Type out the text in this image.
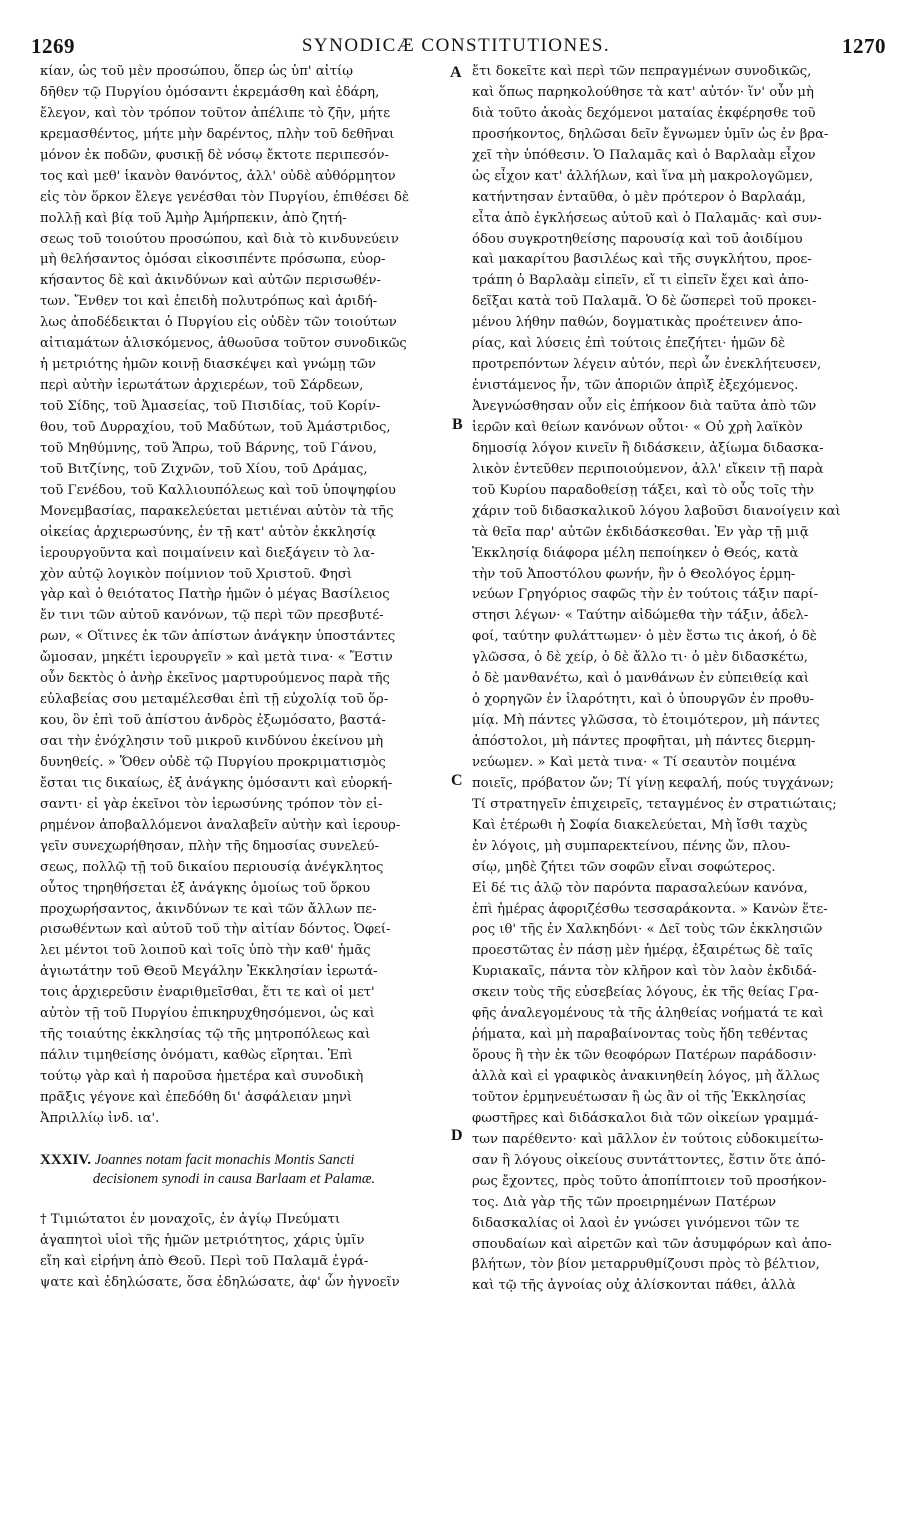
1269	SYNODICÆ CONSTITUTIONES.	1270
A
B
C
D
κίαν, ὡς τοῦ μὲν προσώπου, ὅπερ ὡς ὑπ' αἰτίῳ
δῆθεν τῷ Πυργίου ὀμόσαντι ἐκρεμάσθη καὶ ἐδάρη,
ἔλεγον, καὶ τὸν τρόπον τοῦτον ἀπέλιπε τὸ ζῆν, μήτε
κρεμασθέντος, μήτε μὴν δαρέντος, πλὴν τοῦ δεθῆναι
μόνον ἐκ ποδῶν, φυσικῇ δὲ νόσῳ ἔκτοτε περιπεσόν-
τος καὶ μεθ' ἱκανὸν θανόντος, ἀλλ' οὐδὲ αὐθόρμητον
εἰς τὸν ὅρκον ἔλεγε γενέσθαι τὸν Πυργίου, ἐπιθέσει δὲ
πολλῇ καὶ βίᾳ τοῦ Ἀμὴρ Ἀμήρπεκιν, ἀπὸ ζητή-
σεως τοῦ τοιούτου προσώπου, καὶ διὰ τὸ κινδυνεύειν
μὴ θελήσαντος ὀμόσαι εἰκοσιπέντε πρόσωπα, εὐορ-
κήσαντος δὲ καὶ ἀκινδύνων καὶ αὐτῶν περισωθέν-
των. Ἔνθεν τοι καὶ ἐπειδὴ πολυτρόπως καὶ ἀριδή-
λως ἀποδέδεικται ὁ Πυργίου εἰς οὐδὲν τῶν τοιούτων
αἰτιαμάτων ἁλισκόμενος, ἀθωοῦσα τοῦτον συνοδικῶς
ἡ μετριότης ἡμῶν κοινῇ διασκέψει καὶ γνώμῃ τῶν
περὶ αὐτὴν ἱερωτάτων ἀρχιερέων, τοῦ Σάρδεων,
τοῦ Σίδης, τοῦ Ἀμασείας, τοῦ Πισιδίας, τοῦ Κορίν-
θου, τοῦ Δυρραχίου, τοῦ Μαδύτων, τοῦ Ἀμάστριδος,
τοῦ Μηθύμνης, τοῦ Ἄπρω, τοῦ Βάρνης, τοῦ Γάνου,
τοῦ Βιτζίνης, τοῦ Ζιχνῶν, τοῦ Χίου, τοῦ Δράμας,
τοῦ Γενέδου, τοῦ Καλλιουπόλεως καὶ τοῦ ὑποψηφίου
Μονεμβασίας, παρακελεύεται μετιέναι αὐτὸν τὰ τῆς
οἰκείας ἀρχιερωσύνης, ἐν τῇ κατ' αὐτὸν ἐκκλησίᾳ
ἱερουργοῦντα καὶ ποιμαίνειν καὶ διεξάγειν τὸ λα-
χὸν αὐτῷ λογικὸν ποίμνιον τοῦ Χριστοῦ. Φησὶ
γὰρ καὶ ὁ θειότατος Πατὴρ ἡμῶν ὁ μέγας Βασίλειος
ἔν τινι τῶν αὐτοῦ κανόνων, τῷ περὶ τῶν πρεσβυτέ-
ρων, « Οἵτινες ἐκ τῶν ἀπίστων ἀνάγκην ὑποστάντες
ὤμοσαν, μηκέτι ἱερουργεῖν » καὶ μετὰ τινα· « Ἔστιν
οὖν δεκτὸς ὁ ἀνὴρ ἐκεῖνος μαρτυρούμενος παρὰ τῆς
εὐλαβείας σου μεταμέλεσθαι ἐπὶ τῇ εὐχολίᾳ τοῦ ὅρ-
κου, ὃν ἐπὶ τοῦ ἀπίστου ἀνδρὸς ἐξωμόσατο, βαστά-
σαι τὴν ἐνόχλησιν τοῦ μικροῦ κινδύνου ἐκείνου μὴ
δυνηθείς. » Ὅθεν οὐδὲ τῷ Πυργίου προκριματισμὸς
ἔσται τις δικαίως, ἐξ ἀνάγκης ὀμόσαντι καὶ εὐορκή-
σαντι· εἰ γὰρ ἐκεῖνοι τὸν ἱερωσύνης τρόπον τὸν εἰ-
ρημένον ἀποβαλλόμενοι ἀναλαβεῖν αὐτὴν καὶ ἱερουρ-
γεῖν συνεχωρήθησαν, πλὴν τῆς δημοσίας συνελεύ-
σεως, πολλῷ τῇ τοῦ δικαίου περιουσίᾳ ἀνέγκλητος
οὗτος τηρηθήσεται ἐξ ἀνάγκης ὁμοίως τοῦ ὅρκου
προχωρήσαντος, ἀκινδύνων τε καὶ τῶν ἄλλων πε-
ρισωθέντων καὶ αὐτοῦ τοῦ τὴν αἰτίαν δόντος. Ὀφεί-
λει μέντοι τοῦ λοιποῦ καὶ τοῖς ὑπὸ τὴν καθ' ἡμᾶς
ἁγιωτάτην τοῦ Θεοῦ Μεγάλην Ἐκκλησίαν ἱερωτά-
τοις ἀρχιερεῦσιν ἐναριθμεῖσθαι, ἔτι τε καὶ οἱ μετ'
αὐτὸν τῇ τοῦ Πυργίου ἐπικηρυχθησόμενοι, ὡς καὶ
τῆς τοιαύτης ἐκκλησίας τῷ τῆς μητροπόλεως καὶ
πάλιν τιμηθείσης ὀνόματι, καθὼς εἴρηται. Ἐπὶ
τούτῳ γὰρ καὶ ἡ παροῦσα ἡμετέρα καὶ συνοδικὴ
πρᾶξις γέγονε καὶ ἐπεδόθη δι' ἀσφάλειαν μηνὶ
Ἀπριλλίῳ ἰνδ. ια'.
XXXIV. Joannes notam facit monachis Montis Sancti
decisionem synodi in causa Barlaam et Palamæ.
† Τιμιώτατοι ἐν μοναχοῖς, ἐν ἁγίῳ Πνεύματι
ἀγαπητοὶ υἱοὶ τῆς ἡμῶν μετριότητος, χάρις ὑμῖν
εἴη καὶ εἰρήνη ἀπὸ Θεοῦ. Περὶ τοῦ Παλαμᾶ ἐγρά-
ψατε καὶ ἐδηλώσατε, ὅσα ἐδηλώσατε, ἀφ' ὧν ἠγνοεῖν
ἔτι δοκεῖτε καὶ περὶ τῶν πεπραγμένων συνοδικῶς,
καὶ ὅπως παρηκολούθησε τὰ κατ' αὐτόν· ἵν' οὖν μὴ
διὰ τοῦτο ἀκοὰς δεχόμενοι ματαίας ἐκφέρησθε τοῦ
προσήκοντος, δηλῶσαι δεῖν ἔγνωμεν ὑμῖν ὡς ἐν βρα-
χεῖ τὴν ὑπόθεσιν. Ὁ Παλαμᾶς καὶ ὁ Βαρλαὰμ εἶχον
ὡς εἶχον κατ' ἀλλήλων, καὶ ἵνα μὴ μακρολογῶμεν,
κατήντησαν ἐνταῦθα, ὁ μὲν πρότερον ὁ Βαρλαάμ,
εἶτα ἀπὸ ἐγκλήσεως αὐτοῦ καὶ ὁ Παλαμᾶς· καὶ συν-
όδου συγκροτηθείσης παρουσίᾳ καὶ τοῦ ἀοιδίμου
καὶ μακαρίτου βασιλέως καὶ τῆς συγκλήτου, προε-
τράπη ὁ Βαρλαὰμ εἰπεῖν, εἴ τι εἰπεῖν ἔχει καὶ ἀπο-
δεῖξαι κατὰ τοῦ Παλαμᾶ. Ὁ δὲ ὥσπερεὶ τοῦ προκει-
μένου λήθην παθών, δογματικὰς προέτεινεν ἀπο-
ρίας, καὶ λύσεις ἐπὶ τούτοις ἐπεζήτει· ἡμῶν δὲ
προτρεπόντων λέγειν αὐτόν, περὶ ὧν ἐνεκλήτευσεν,
ἐνιστάμενος ἦν, τῶν ἀποριῶν ἀπρὶξ ἐξεχόμενος.
Ἀνεγνώσθησαν οὖν εἰς ἐπήκοον διὰ ταῦτα ἀπὸ τῶν
ἱερῶν καὶ θείων κανόνων οὗτοι· « Οὐ χρὴ λαϊκὸν
δημοσίᾳ λόγον κινεῖν ἢ διδάσκειν, ἀξίωμα διδασκα-
λικὸν ἐντεῦθεν περιποιούμενον, ἀλλ' εἴκειν τῇ παρὰ
τοῦ Κυρίου παραδοθείσῃ τάξει, καὶ τὸ οὖς τοῖς τὴν
χάριν τοῦ διδασκαλικοῦ λόγου λαβοῦσι διανοίγειν καὶ
τὰ θεῖα παρ' αὐτῶν ἐκδιδάσκεσθαι. Ἐν γὰρ τῇ μιᾷ
Ἐκκλησίᾳ διάφορα μέλη πεποίηκεν ὁ Θεός, κατὰ
τὴν τοῦ Ἀποστόλου φωνήν, ἣν ὁ Θεολόγος ἑρμη-
νεύων Γρηγόριος σαφῶς τὴν ἐν τούτοις τάξιν παρί-
στησι λέγων· « Ταύτην αἰδώμεθα τὴν τάξιν, ἀδελ-
φοί, ταύτην φυλάττωμεν· ὁ μὲν ἔστω τις ἀκοή, ὁ δὲ
γλῶσσα, ὁ δὲ χείρ, ὁ δὲ ἄλλο τι· ὁ μὲν διδασκέτω,
ὁ δὲ μανθανέτω, καὶ ὁ μανθάνων ἐν εὐπειθείᾳ καὶ
ὁ χορηγῶν ἐν ἱλαρότητι, καὶ ὁ ὑπουργῶν ἐν προθυ-
μίᾳ. Μὴ πάντες γλῶσσα, τὸ ἑτοιμότερον, μὴ πάντες
ἀπόστολοι, μὴ πάντες προφῆται, μὴ πάντες διερμη-
νεύωμεν. » Καὶ μετὰ τινα· « Τί σεαυτὸν ποιμένα
ποιεῖς, πρόβατον ὤν; Τί γίνῃ κεφαλή, πούς τυγχάνων;
Τί στρατηγεῖν ἐπιχειρεῖς, τεταγμένος ἐν στρατιώταις;
Καὶ ἑτέρωθι ἡ Σοφία διακελεύεται, Μὴ ἴσθι ταχὺς
ἐν λόγοις, μὴ συμπαρεκτείνου, πένης ὤν, πλου-
σίῳ, μηδὲ ζήτει τῶν σοφῶν εἶναι σοφώτερος.
Εἰ δέ τις ἁλῷ τὸν παρόντα παρασαλεύων κανόνα,
ἐπὶ ἡμέρας ἀφοριζέσθω τεσσαράκοντα. » Κανὼν ἕτε-
ρος ιθ' τῆς ἐν Χαλκηδόνι· « Δεῖ τοὺς τῶν ἐκκλησιῶν
προεστῶτας ἐν πάσῃ μὲν ἡμέρᾳ, ἐξαιρέτως δὲ ταῖς
Κυριακαῖς, πάντα τὸν κλῆρον καὶ τὸν λαὸν ἐκδιδά-
σκειν τοὺς τῆς εὐσεβείας λόγους, ἐκ τῆς θείας Γρα-
φῆς ἀναλεγομένους τὰ τῆς ἀληθείας νοήματά τε καὶ
ῥήματα, καὶ μὴ παραβαίνοντας τοὺς ἤδη τεθέντας
ὅρους ἢ τὴν ἐκ τῶν θεοφόρων Πατέρων παράδοσιν·
ἀλλὰ καὶ εἰ γραφικὸς ἀνακινηθείη λόγος, μὴ ἄλλως
τοῦτον ἑρμηνευέτωσαν ἢ ὡς ἂν οἱ τῆς Ἐκκλησίας
φωστῆρες καὶ διδάσκαλοι διὰ τῶν οἰκείων γραμμά-
των παρέθεντο· καὶ μᾶλλον ἐν τούτοις εὐδοκιμείτω-
σαν ἢ λόγους οἰκείους συντάττοντες, ἔστιν ὅτε ἀπό-
ρως ἔχοντες, πρὸς τοῦτο ἀποπίπτοιεν τοῦ προσήκον-
τος. Διὰ γὰρ τῆς τῶν προειρημένων Πατέρων
διδασκαλίας οἱ λαοὶ ἐν γνώσει γινόμενοι τῶν τε
σπουδαίων καὶ αἱρετῶν καὶ τῶν ἀσυμφόρων καὶ ἀπο-
βλήτων, τὸν βίον μεταρρυθμίζουσι πρὸς τὸ βέλτιον,
καὶ τῷ τῆς ἀγνοίας οὐχ ἁλίσκονται πάθει, ἀλλὰ
